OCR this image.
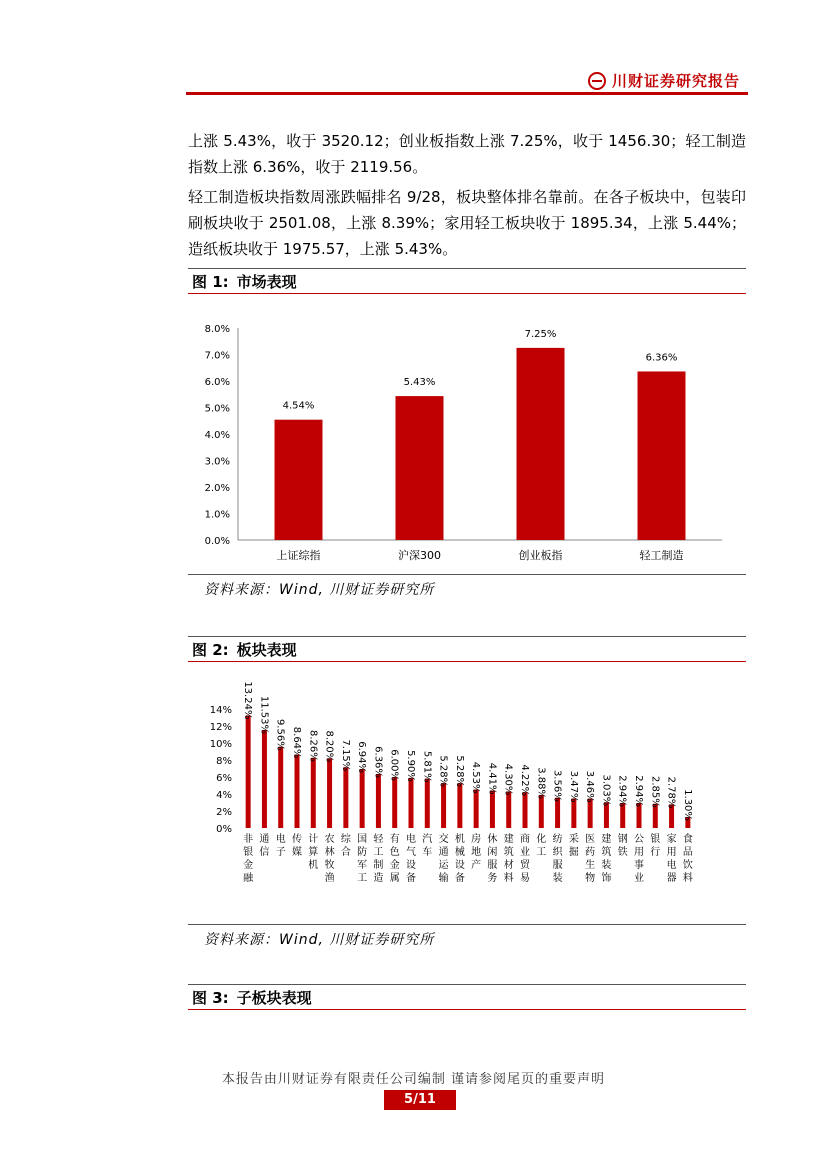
川财证券研究报告
上涨 5.43%，收于 3520.12；创业板指数上涨 7.25%，收于 1456.30；轻工制造指数上涨 6.36%，收于 2119.56。
轻工制造板块指数周涨跌幅排名 9/28，板块整体排名靠前。在各子板块中，包装印刷板块收于 2501.08，上涨 8.39%；家用轻工板块收于 1895.34，上涨 5.44%；造纸板块收于 1975.57，上涨 5.43%。
图 1: 市场表现
0.0%
1.0%
2.0%
3.0%
4.0%
5.0%
6.0%
7.0%
8.0%
4.54%
上证综指
5.43%
沪深300
7.25%
创业板指
6.36%
轻工制造
资料来源：Wind, 川财证券研究所
图 2: 板块表现
0%
2%
4%
6%
8%
10%
12%
14% 13.24%
非银金融
11.53%
通信
9.56%
电子
8.64%
传媒
8.26%
计算机
8.20%
农林牧渔
7.15%
综合
6.94%
国防军工
6.36%
轻工制造
6.00%
有色金属
5.90%
电气设备
5.81%
汽车
5.28%
交通运输
5.28%
机械设备
4.53%
房地产
4.41%
休闲服务
4.30%
建筑材料
4.22%
商业贸易
3.88%
化工
3.56%
纺织服装
3.47%
采掘
3.46%
医药生物
3.03%
建筑装饰
2.94%
钢铁
2.94%
公用事业
2.85%
银行
2.78%
家用电器
1.30%
食品饮料
资料来源：Wind, 川财证券研究所
图 3: 子板块表现
本报告由川财证券有限责任公司编制 谨请参阅尾页的重要声明
5/11
